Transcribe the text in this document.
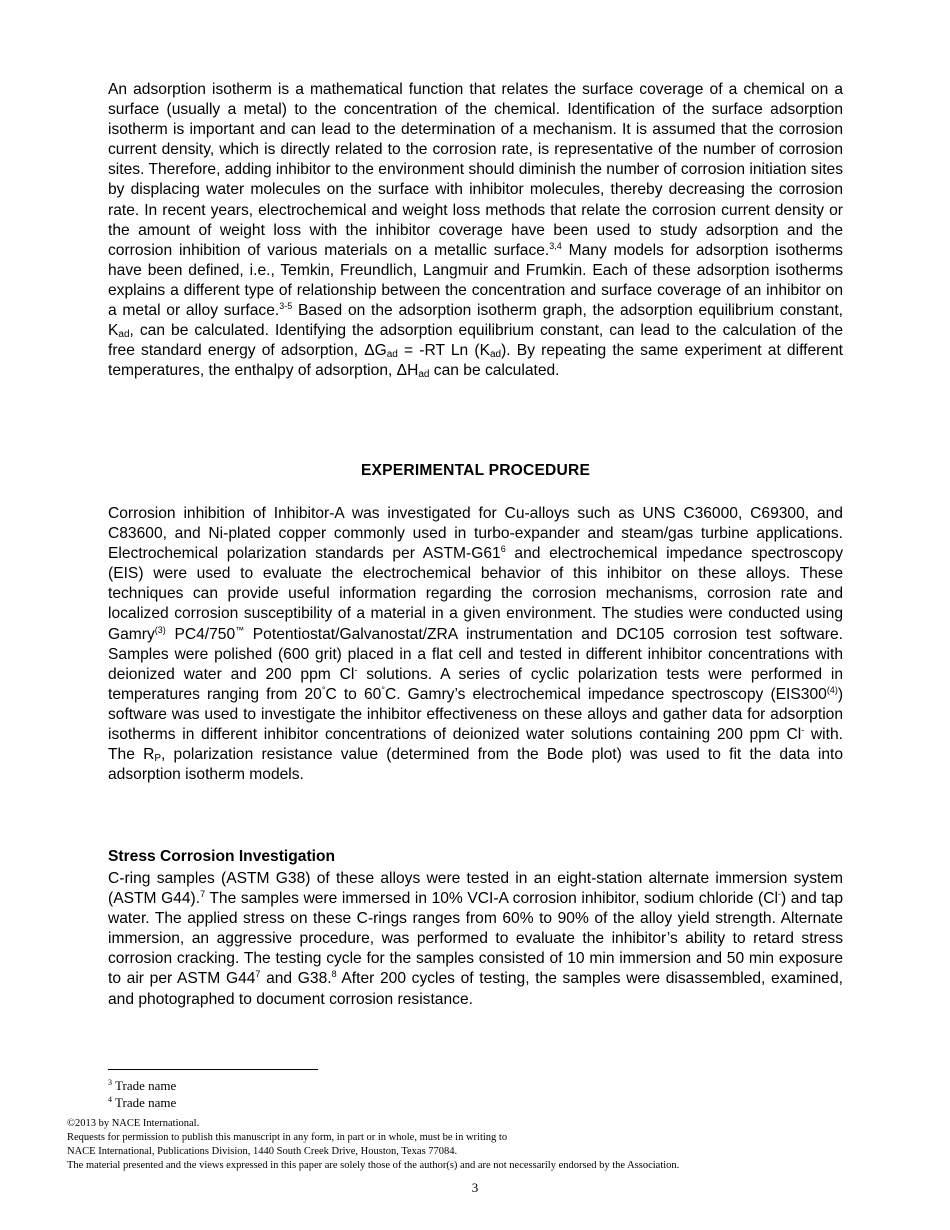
An adsorption isotherm is a mathematical function that relates the surface coverage of a chemical on a surface (usually a metal) to the concentration of the chemical. Identification of the surface adsorption isotherm is important and can lead to the determination of a mechanism. It is assumed that the corrosion current density, which is directly related to the corrosion rate, is representative of the number of corrosion sites. Therefore, adding inhibitor to the environment should diminish the number of corrosion initiation sites by displacing water molecules on the surface with inhibitor molecules, thereby decreasing the corrosion rate. In recent years, electrochemical and weight loss methods that relate the corrosion current density or the amount of weight loss with the inhibitor coverage have been used to study adsorption and the corrosion inhibition of various materials on a metallic surface.$^{3,4}$ Many models for adsorption isotherms have been defined, i.e., Temkin, Freundlich, Langmuir and Frumkin. Each of these adsorption isotherms explains a different type of relationship between the concentration and surface coverage of an inhibitor on a metal or alloy surface.$^{3-5}$ Based on the adsorption isotherm graph, the adsorption equilibrium constant, $K_{ad}$, can be calculated. Identifying the adsorption equilibrium constant, can lead to the calculation of the free standard energy of adsorption, $\Delta G_{ad} = -RT$ Ln $(K_{ad})$. By repeating the same experiment at different temperatures, the enthalpy of adsorption, $\Delta H_{ad}$ can be calculated.

EXPERIMENTAL PROCEDURE

Corrosion inhibition of Inhibitor-A was investigated for Cu-alloys such as UNS C36000, C69300, and C83600, and Ni-plated copper commonly used in turbo-expander and steam/gas turbine applications. Electrochemical polarization standards per ASTM-$G61^6$ and electrochemical impedance spectroscopy (EIS) were used to evaluate the electrochemical behavior of this inhibitor on these alloys. These techniques can provide useful information regarding the corrosion mechanisms, corrosion rate and localized corrosion susceptibility of a material in a given environment. The studies were conducted using Gamry$^{(3)}$ PC4/750™ Potentiostat/Galvanostat/ZRA instrumentation and DC105 corrosion test software. Samples were polished (600 grit) placed in a flat cell and tested in different inhibitor concentrations with deionized water and 200 ppm Cl- solutions. A series of cyclic polarization tests were performed in temperatures ranging from 20°C to 60°C. Gamry’s electrochemical impedance spectroscopy (EIS300$^{(4)}$) software was used to investigate the inhibitor effectiveness on these alloys and gather data for adsorption isotherms in different inhibitor concentrations of deionized water solutions containing 200 ppm Cl- with. The $R_P$, polarization resistance value (determined from the Bode plot) was used to fit the data into adsorption isotherm models.

Stress Corrosion Investigation

C-ring samples (ASTM G38) of these alloys were tested in an eight-station alternate immersion system (ASTM G44).$^7$ The samples were immersed in 10% VCI-A corrosion inhibitor, sodium chloride (Cl-) and tap water. The applied stress on these C-rings ranges from 60% to 90% of the alloy yield strength. Alternate immersion, an aggressive procedure, was performed to evaluate the inhibitor’s ability to retard stress corrosion cracking. The testing cycle for the samples consisted of 10 min immersion and 50 min exposure to air per ASTM $G44^7$ and G38.$^8$ After 200 cycles of testing, the samples were disassembled, examined, and photographed to document corrosion resistance.

$^3$ Trade name

$^4$ Trade name

©2013 by NACE International.

Requests for permission to publish this manuscript in any form, in part or in whole, must be in writing to

NACE International, Publications Division, 1440 South Creek Drive, Houston, Texas 77084.

The material presented and the views expressed in this paper are solely those of the author(s) and are not necessarily endorsed by the Association.

3
